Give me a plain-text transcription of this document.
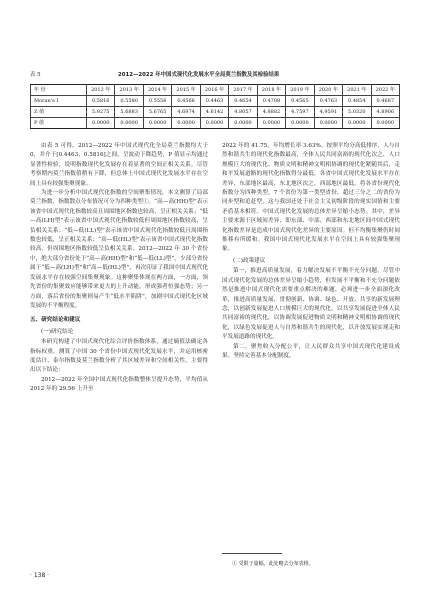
表 5	2012—2022 年中国式现代化发展水平全局莫兰指数及其检验结果
年 份	2012 年	2013 年	2014 年	2015 年	2016 年	2017 年	2018 年	2019 年	2020 年	2021 年	2022 年
Moran's I	0.5816	0.5580	0.5556	0.4566	0.4463	0.4654	0.4708	0.4565	0.4763	0.4854	0.4687
Z 值	5.9275	5.6883	5.6765	4.6974	4.6142	4.8057	4.8882	4.7597	4.9591	5.0320	4.8906
P 值	0.0000	0.0000	0.0000	0.0000	0.0000	0.0000	0.0000	0.0000	0.0000	0.0000	0.0000

由表 5 可得，2012—2022 年中国式现代化全局莫兰指数均大于 0，并介于[0.4463，0.5816]之间，呈波动下降趋势，P 值显示均通过显著性检验，说明指数现代化发展存在着显著的空间正相关关系。尽管考察期内莫兰指数值稍有下降，但总体上中国式现代化发展水平存在空间上具有较强集聚现象。

为进一步分析中国式现代化指数的空间聚集情况，本文测算了局部莫兰指数，指数散点分布情况可分为四种类型①。“高—高(HH)型”表示该省中国式现代化指数较高且周围地区指数也较高，呈正相关关系；“低—高(LH)型”表示该省中国式现代化指数较低但周围地区指数较高，呈负相关关系；“低—低(LL)型”表示该省中国式现代化指数较低且周围指数也较低，呈正相关关系；“高—低(HL)型”表示该省中国式现代化指数较高，但周围地区指数较低呈负相关关系。2012—2022 年 30 个省份中，绝大部分省份处于“高—高(HH)型”和“低—低(LL)型”，少部分省份属于“低—高(LH)型”和“高—低(HL)型”，再次印证了我国中国式现代化发展水平存在较强空间集聚现象。这种聚集体现在两方面，一方面，领先省份的集聚效应能够带来更大的上升动能，形成强者恒强态势；另一方面，落后省份的集聚则易产生“低水平陷阱”，加剧中国式现代化区域发展的不平衡程度。

五、研究结论和建议

(一)研究结论

本研究构建了中国式现代化综合评价指数体系，通过熵值法确定各指标权重，测算了中国 30 个省份中国式现代化发展水平，并运用核密度估计、泰尔指数及莫兰指数分析了其区域差异和空间相关性，主要得出以下结论：

2012—2022 年全国中国式现代化指数整体呈提升态势，平均值从 2012 年的 29.56 上升至

2022 年的 41.75，年均增长率 3.63%。按照平均分高低排序，人与自然和谐共生的现代化指数最高，全体人民共同富裕的现代化次之，人口规模巨大的现代化、物质文明和精神文明相协调的现代化紧随其后，走和平发展道路的现代化指数得分最低。各省中国式现代化发展水平存在差异，东部地区最高，东北地区次之，西部地区最低，将各省份现代化指数分为四种类型，7 个省份为第一类型省份，超过三分之二的省份为同步型和追赶型，这与我国还处于社会主义初级阶段的现实国情和主要矛盾基本相符。中国式现代化发展的总体差异呈缩小态势。其中，差异主要来源于区域间差异，即东部、中部、西部和东北地区间中国式现代化指数差异是造成中国式现代化差异的主要原因。但不均衡集聚仍时间推移有所缓和。我国中国式现代化发展水平在空间上具有较强集聚现象。

(二)政策建议

第一，推进高质量发展，着力解决发展不平衡不充分问题。尽管中国式现代化发展的总体差异呈缩小趋势，但发展不平衡和不充分问题依然是推进中国式现代化需要重点解决的难题，必须进一步全面深化改革，推进高质量发展，贯彻创新、协调、绿色、开放、共享的新发展理念，以创新发展促进人口规模巨大的现代化，以共享发展促进全体人民共同富裕的现代化，以协调发展促进物质文明和精神文明相协调的现代化，以绿色发展促进人与自然和谐共生的现代化，以开放发展实现走和平发展道路的现代化。

第二，聚焦收入分配公平，让人民群众共享中国式现代化建设成果。坚持完善基本分配制度，

① 受限于篇幅，此处略去分布表格。
· 138 ·
